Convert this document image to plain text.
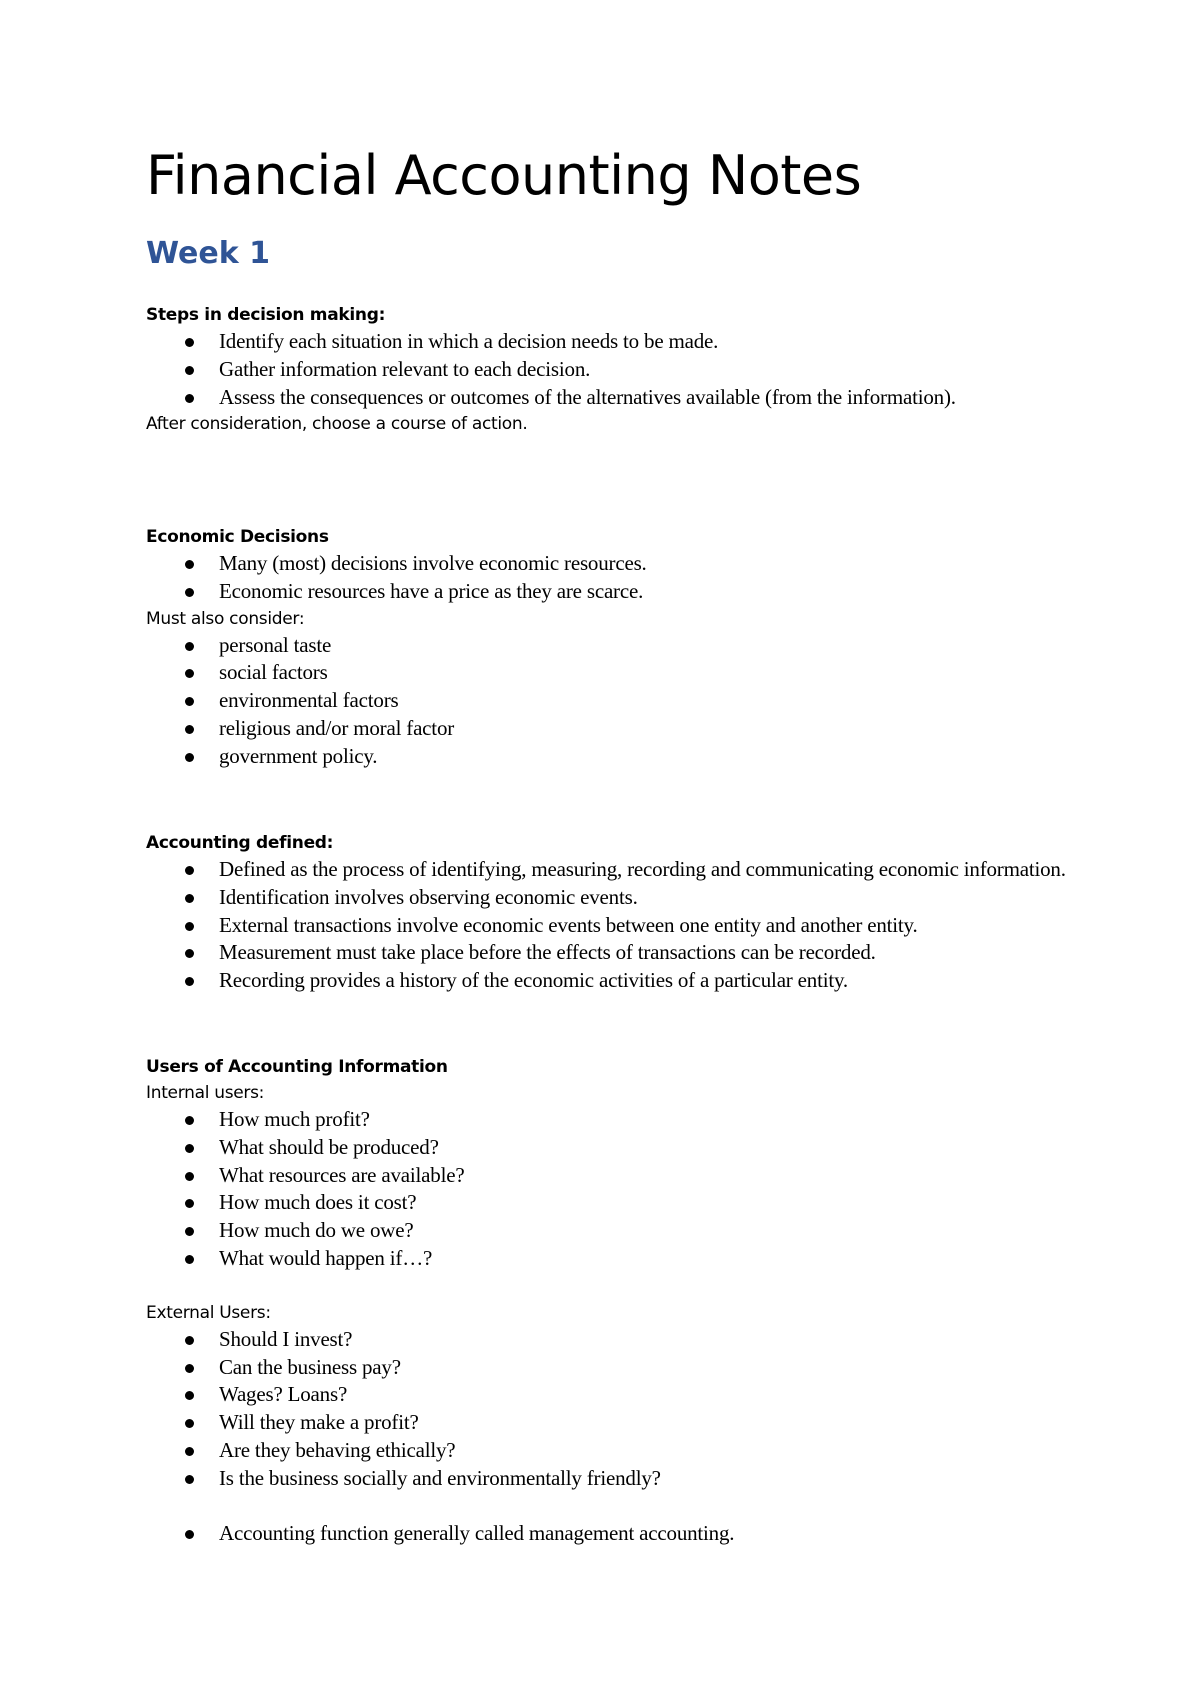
Financial Accounting Notes
Week 1

Steps in decision making:

Identify each situation in which a decision needs to be made.
Gather information relevant to each decision.
Assess the consequences or outcomes of the alternatives available (from the information).

After consideration, choose a course of action.

Economic Decisions

Many (most) decisions involve economic resources.
Economic resources have a price as they are scarce.

Must also consider:

personal taste
social factors
environmental factors
religious and/or moral factor
government policy.

Accounting defined:

Defined as the process of identifying, measuring, recording and communicating economic information.
Identification involves observing economic events.
External transactions involve economic events between one entity and another entity.
Measurement must take place before the effects of transactions can be recorded.
Recording provides a history of the economic activities of a particular entity.

Users of Accounting Information

Internal users:

How much profit?
What should be produced?
What resources are available?
How much does it cost?
How much do we owe?
What would happen if…?

External Users:

Should I invest?
Can the business pay?
Wages? Loans?
Will they make a profit?
Are they behaving ethically?
Is the business socially and environmentally friendly?
Accounting function generally called management accounting.
